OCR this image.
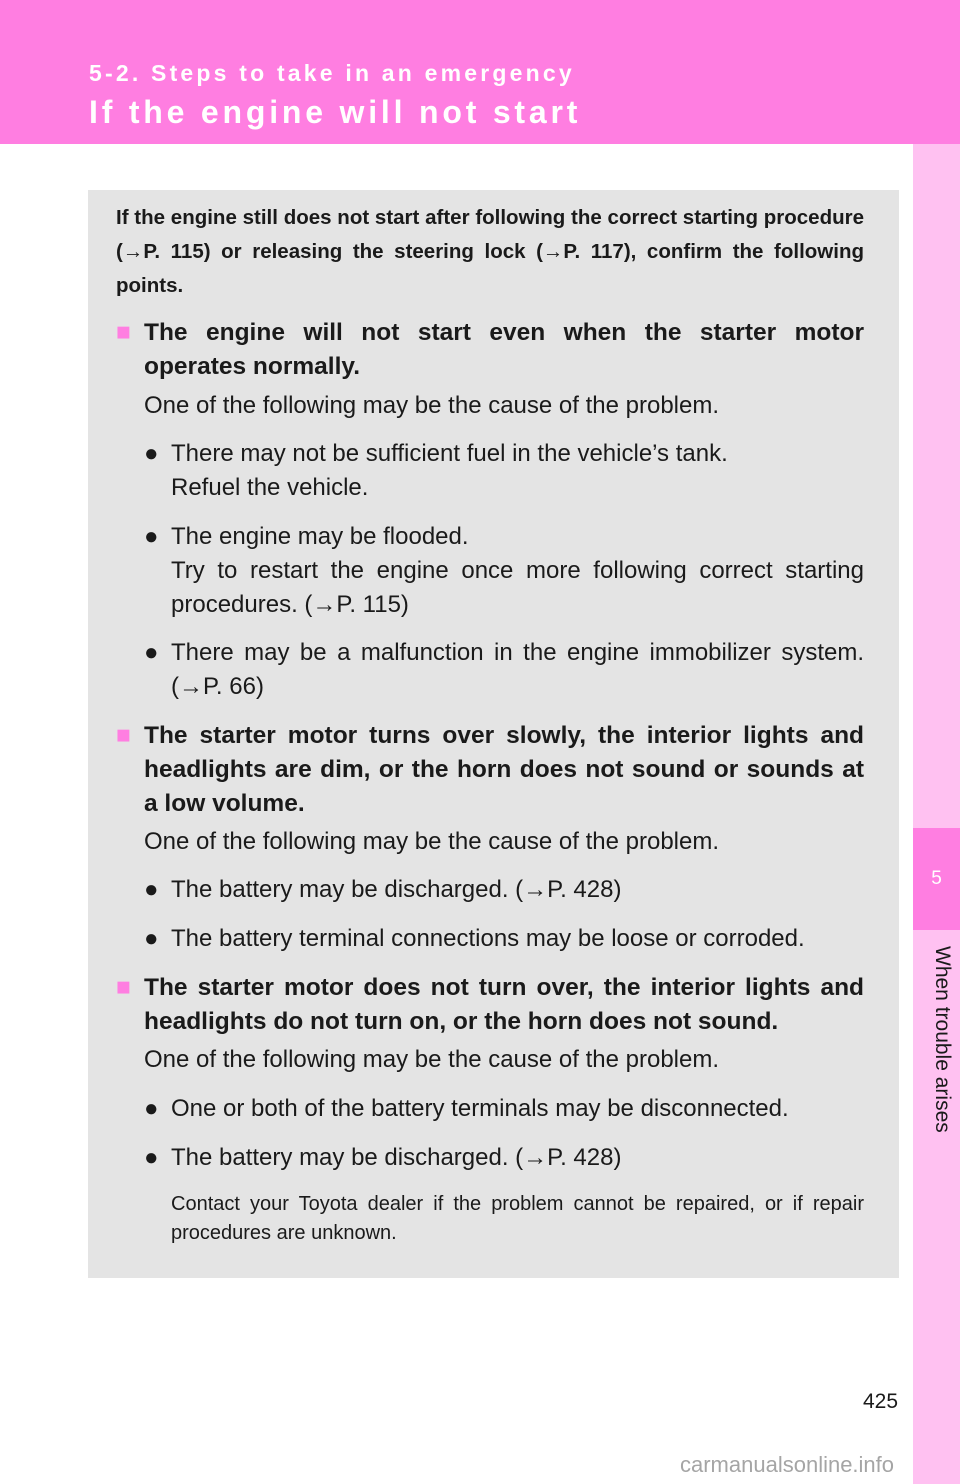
5-2. Steps to take in an emergency
If the engine will not start
5
When trouble arises
If the engine still does not start after following the correct starting procedure (→P. 115) or releasing the steering lock (→P. 117), confirm the following points.
■ The engine will not start even when the starter motor operates normally.
One of the following may be the cause of the problem.
● There may not be sufficient fuel in the vehicle’s tank.
Refuel the vehicle.
● The engine may be flooded.
Try to restart the engine once more following correct starting procedures. (→P. 115)
● There may be a malfunction in the engine immobilizer system. (→P. 66)
■ The starter motor turns over slowly, the interior lights and headlights are dim, or the horn does not sound or sounds at a low volume.
One of the following may be the cause of the problem.
● The battery may be discharged. (→P. 428)
● The battery terminal connections may be loose or corroded.
■ The starter motor does not turn over, the interior lights and headlights do not turn on, or the horn does not sound.
One of the following may be the cause of the problem.
● One or both of the battery terminals may be disconnected.
● The battery may be discharged. (→P. 428)
Contact your Toyota dealer if the problem cannot be repaired, or if repair procedures are unknown.
425
carmanualsonline.info
